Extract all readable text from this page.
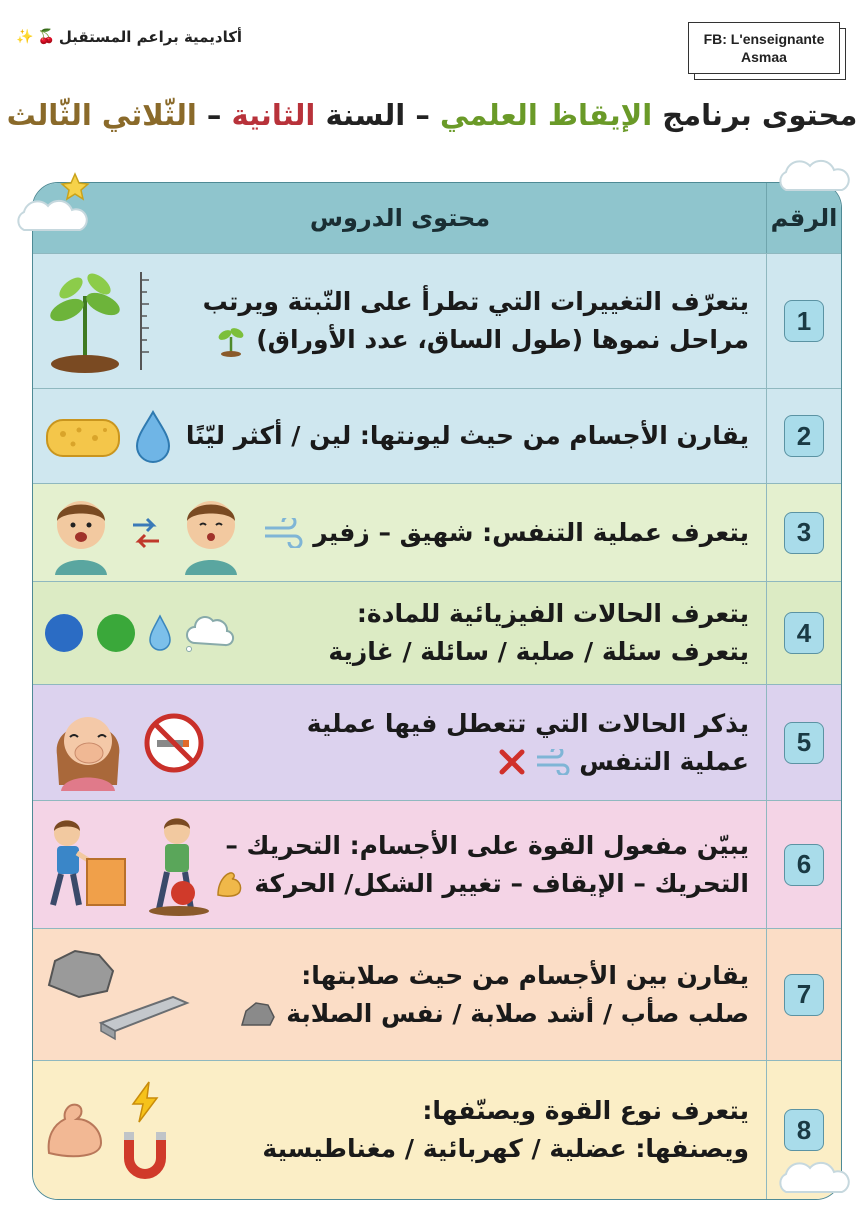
أكاديمية براعم المستقبل
🍒
✨	FB: L'enseignante
Asmaa
محتوى برنامج الإيقاظ العلمي – السنة الثانية – الثّلاثي الثّالث
الرقم
محتوى الدروس
1
يتعرّف التغييرات التي تطرأ على النّبتة ويرتب
مراحل نموها (طول الساق، عدد الأوراق)
2
يقارن الأجسام من حيث ليونتها: لين / أكثر ليّنًا
3
يتعرف عملية التنفس: شهيق – زفير
4
يتعرف الحالات الفيزيائية للمادة:
يتعرف سئلة / صلبة / سائلة / غازية
5
يذكر الحالات التي تتعطل فيها عملية
عملية التنفس
6
يبيّن مفعول القوة على الأجسام: التحريك –
التحريك – الإيقاف – تغيير الشكل/ الحركة
7
يقارن بين الأجسام من حيث صلابتها:
صلب صأب / أشد صلابة / نفس الصلابة
8
يتعرف نوع القوة ويصنّفها:
ويصنفها: عضلية / كهربائية / مغناطيسية
